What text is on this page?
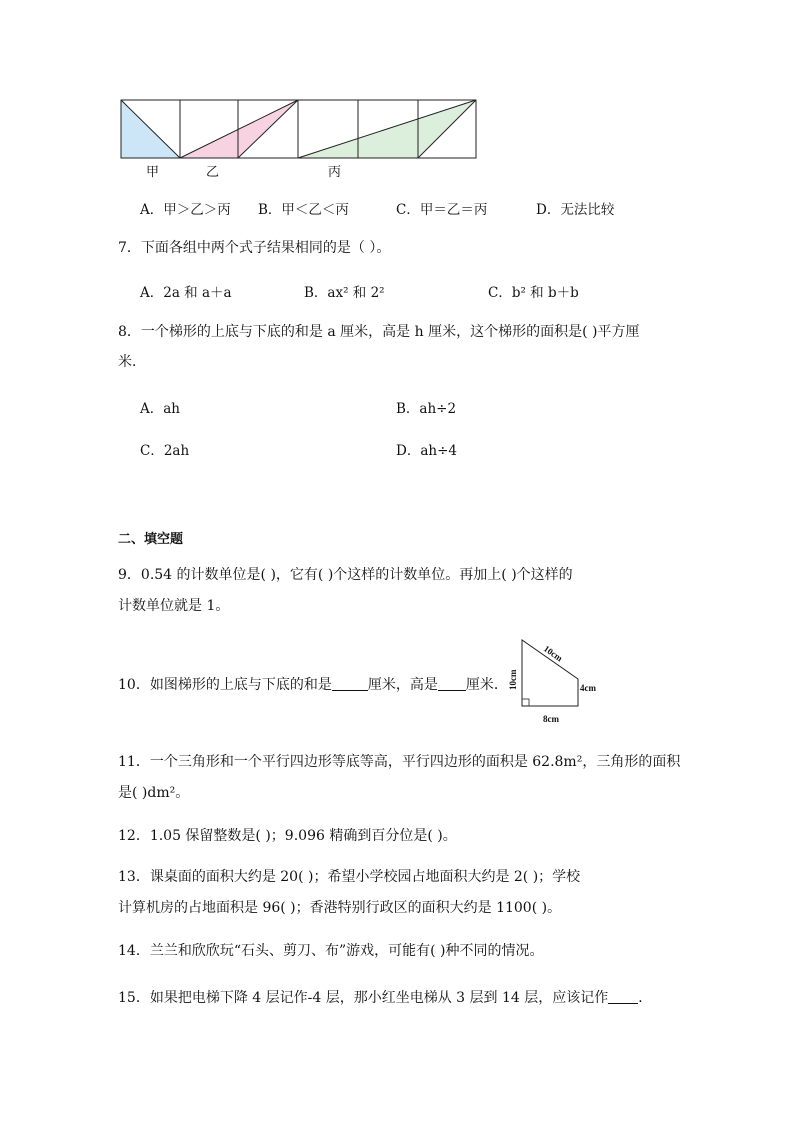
甲	乙	丙
A．甲＞乙＞丙 B．甲＜乙＜丙	C．甲＝乙＝丙	D．无法比较
7．下面各组中两个式子结果相同的是（ ）。
A．2a 和 a＋a	B．ax² 和 2²	C．b² 和 b＋b
8．一个梯形的上底与下底的和是 a 厘米，高是 h 厘米，这个梯形的面积是( )平方厘
米．
A．ah	B．ah÷2
C．2ah	D．ah÷4
二、填空题
9．0.54 的计数单位是( )，它有( )个这样的计数单位。再加上( )个这样的
计数单位就是 1。
10．如图梯形的上底与下底的和是	厘米，高是 厘米．
10cm
10cm	4cm
8cm
11．一个三角形和一个平行四边形等底等高，平行四边形的面积是 62.8m²，三角形的面积
是( )dm²。
12．1.05 保留整数是( )；9.096 精确到百分位是( )。
13．课桌面的面积大约是 20( )；希望小学校园占地面积大约是 2( )；学校
计算机房的占地面积是 96( )；香港特别行政区的面积大约是 1100( )。
14．兰兰和欣欣玩“石头、剪刀、布”游戏，可能有( )种不同的情况。
15．如果把电梯下降 4 层记作-4 层，那小红坐电梯从 3 层到 14 层，应该记作 ．
